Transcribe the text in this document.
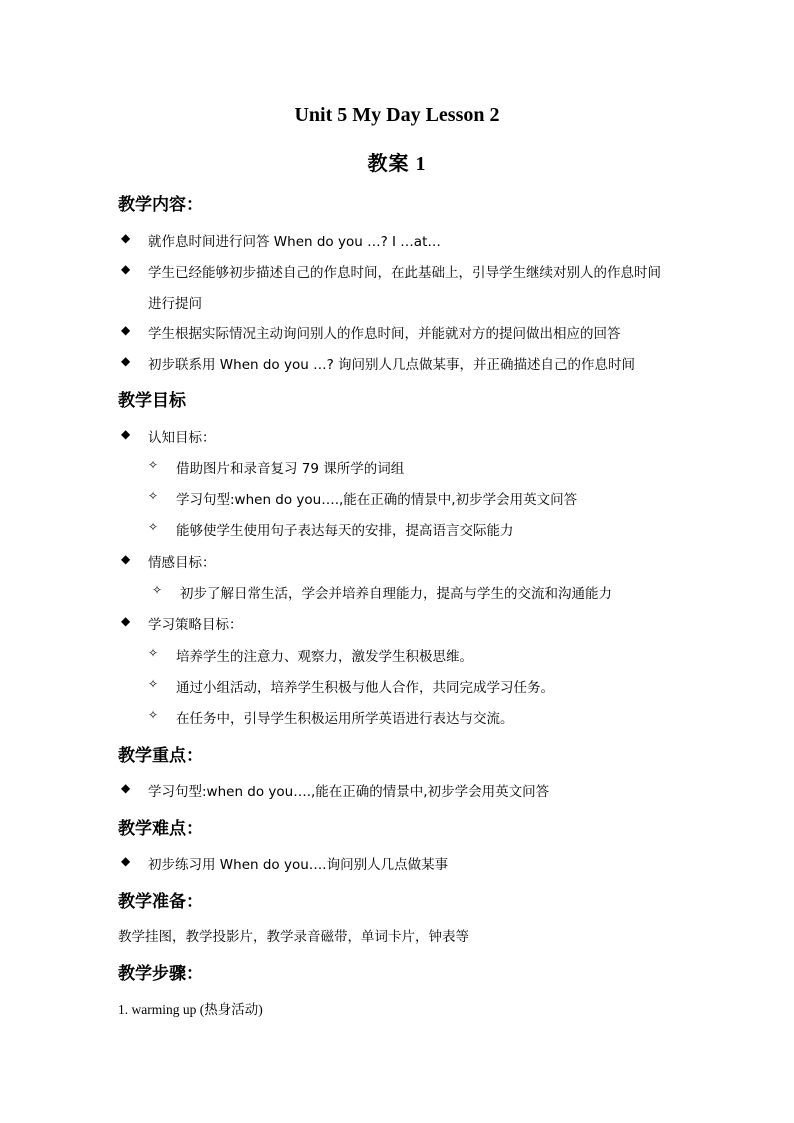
Unit 5 My Day Lesson 2
教案 1
教学内容：
◆ 就作息时间进行问答 When do you …? I …at…
◆ 学生已经能够初步描述自己的作息时间，在此基础上，引导学生继续对别人的作息时间
进行提问
◆ 学生根据实际情况主动询问别人的作息时间，并能就对方的提问做出相应的回答
◆ 初步联系用 When do you …? 询问别人几点做某事，并正确描述自己的作息时间
教学目标
◆ 认知目标：
✧ 借助图片和录音复习 79 课所学的词组
✧ 学习句型:when do you….,能在正确的情景中,初步学会用英文问答
✧ 能够使学生使用句子表达每天的安排，提高语言交际能力
◆ 情感目标：
✧ 初步了解日常生活，学会并培养自理能力，提高与学生的交流和沟通能力
◆ 学习策略目标：
✧ 培养学生的注意力、观察力，激发学生积极思维。
✧ 通过小组活动，培养学生积极与他人合作，共同完成学习任务。
✧ 在任务中，引导学生积极运用所学英语进行表达与交流。
教学重点：
◆ 学习句型:when do you….,能在正确的情景中,初步学会用英文问答
教学难点：
◆ 初步练习用 When do you….询问别人几点做某事
教学准备：
教学挂图，教学投影片，教学录音磁带，单词卡片，钟表等
教学步骤：
1. warming up (热身活动)
